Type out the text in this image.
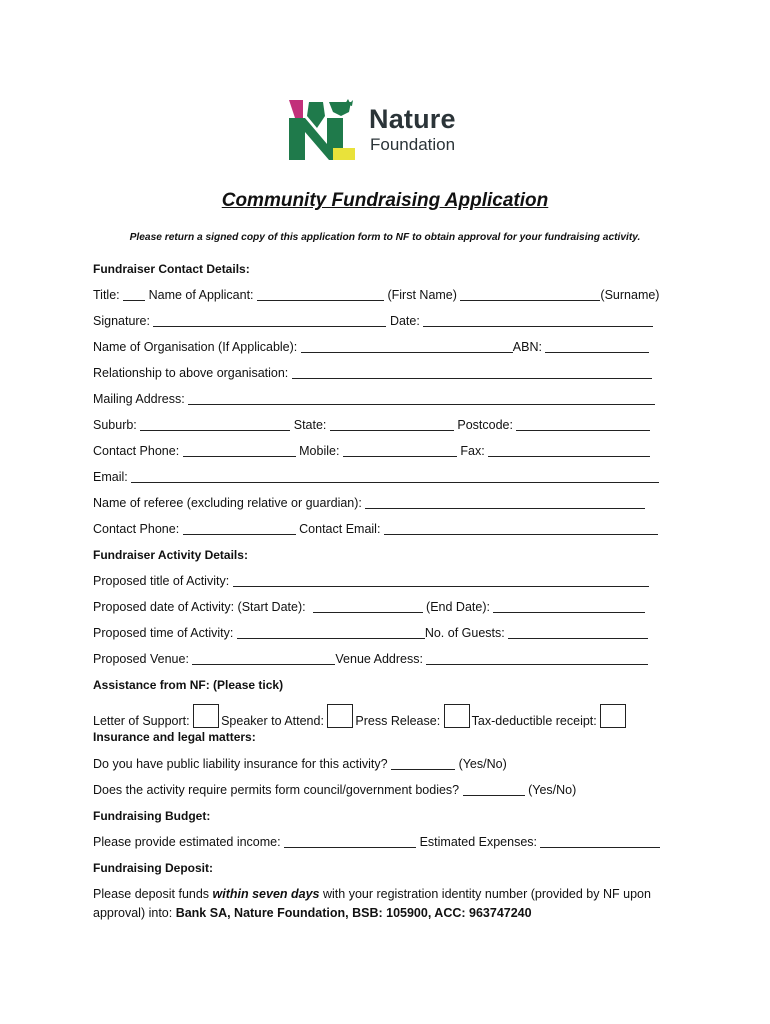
Nature
Foundation
Community Fundraising Application
Please return a signed copy of this application form to NF to obtain approval for your fundraising activity.
Fundraiser Contact Details:
Title: Name of Applicant:	(First Name)	(Surname)
Signature:	Date:
Name of Organisation (If Applicable):	ABN:
Relationship to above organisation:
Mailing Address:
Suburb:	State:	Postcode:
Contact Phone:	Mobile:	Fax:
Email:
Name of referee (excluding relative or guardian):
Contact Phone:	Contact Email:
Fundraiser Activity Details:
Proposed title of Activity:
Proposed date of Activity: (Start Date):	(End Date):
Proposed time of Activity:	No. of Guests:
Proposed Venue:	Venue Address:
Assistance from NF: (Please tick)
Letter of Support:	Speaker to Attend:	Press Release:	Tax-deductible receipt:
Insurance and legal matters:
Do you have public liability insurance for this activity?	(Yes/No)
Does the activity require permits form council/government bodies?	(Yes/No)
Fundraising Budget:
Please provide estimated income:	Estimated Expenses:
Fundraising Deposit:
Please deposit funds within seven days with your registration identity number (provided by NF upon
approval) into: Bank SA, Nature Foundation, BSB: 105900, ACC: 963747240
